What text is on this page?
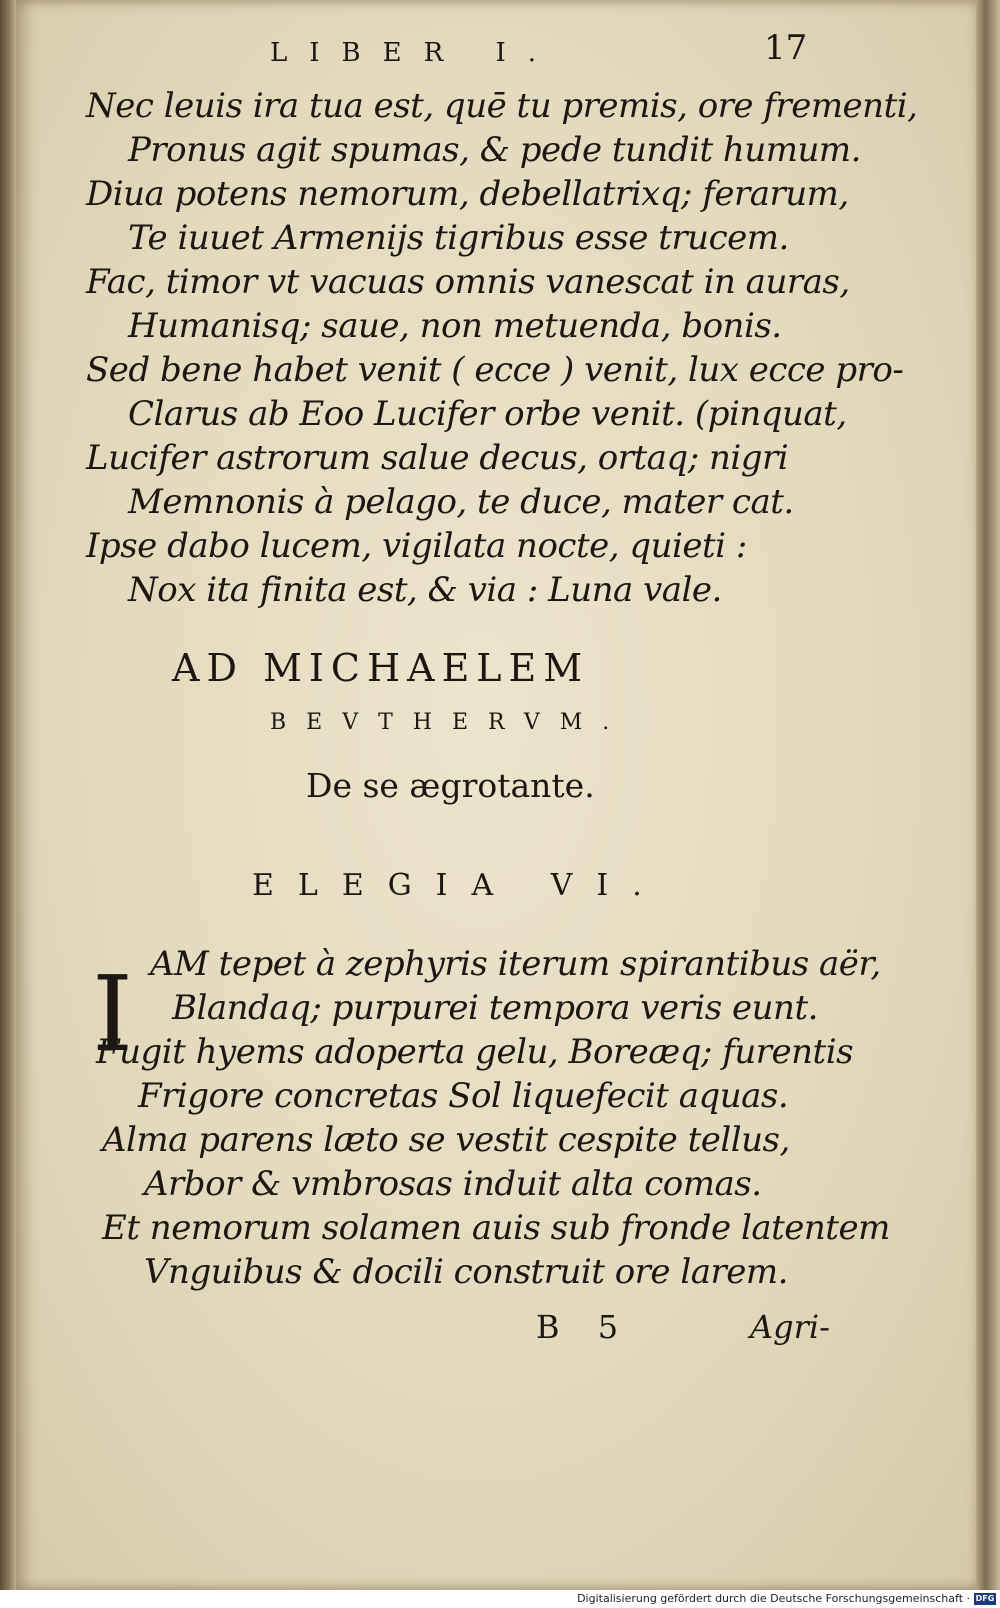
LIBER I.	17
Nec leuis ira tua est, quē tu premis, ore frementi,
Pronus agit spumas, & pede tundit humum.
Diua potens nemorum, debellatrixq; ferarum,
Te iuuet Armenijs tigribus esse trucem.
Fac, timor vt vacuas omnis vanescat in auras,
Humanisq; saue, non metuenda, bonis.
Sed bene habet venit ( ecce ) venit, lux ecce pro-
Clarus ab Eoo Lucifer orbe venit. (pinquat,
Lucifer astrorum salue decus, ortaq; nigri
Memnonis à pelago, te duce, mater cat.
Ipse dabo lucem, vigilata nocte, quieti :
Nox ita finita est, & via : Luna vale.
AD MICHAELEM
BEVTHERVM.
De se ægrotante.
ELEGIA VI.
I AM tepet à zephyris iterum spirantibus aër,
Blandaq; purpurei tempora veris eunt.
Fugit hyems adoperta gelu, Boreæq; furentis
Frigore concretas Sol liquefecit aquas.
Alma parens læto se vestit cespite tellus,
Arbor & vmbrosas induit alta comas.
Et nemorum solamen auis sub fronde latentem
Vnguibus & docili construit ore larem.
B 5	Agri-
Digitalisierung gefördert durch die Deutsche Forschungsgemeinschaft · DFG
